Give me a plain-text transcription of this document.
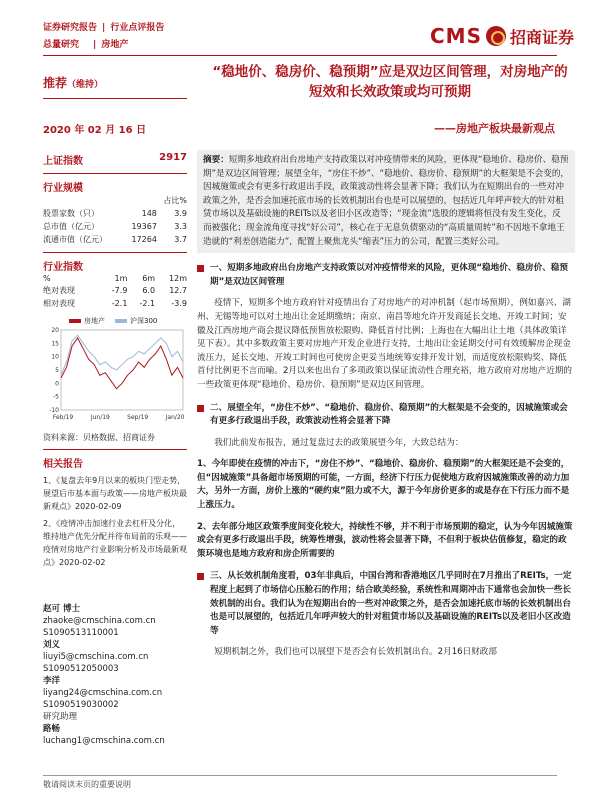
证券研究报告 | 行业点评报告
总量研究 | 房地产	CMS 招商证券
推荐（维持）
“稳地价、稳房价、稳预期”应是双边区间管理，对房地产的短效和长效政策或均可预期
2020 年 02 月 16 日	——房地产板块最新观点
上证指数	2917
行业规模
		占比%
股票家数（只）	148	3.9
总市值（亿元）	19367	3.3
流通市值（亿元）	17264	3.7
行业指数
%	1m	6m	12m
绝对表现	-7.9	6.0	12.7
相对表现	-2.1	-2.1	-3.9
房地产	沪深300
20
15
10
5
0
-5
-10
Feb/19	Jun/19	Sep/19	Jan/20
资料来源：贝格数据、招商证券
相关报告

1、《复盘去年9月以来的板块门型走势，展望后市基本面与政策——房地产板块最新观点》2020-02-09

2、《疫情冲击加速行业去杠杆及分化，维持地产优先分配并待布局前的乐观——疫情对房地产行业影响分析及市场最新观点》2020-02-02

赵可 博士
zhaoke@cmschina.com.cn
S1090513110001
刘义
liuyi5@cmschina.com.cn
S1090512050003
李洋
liyang24@cmschina.com.cn
S1090519030002
研究助理
路畅
luchang1@cmschina.com.cn
摘要：短期多地政府出台房地产支持政策以对冲疫情带来的风险，更体现“稳地价、稳房价、稳预期”是双边区间管理；展望全年，“房住不炒”、“稳地价、稳房价、稳预期”的大框架是不会变的，因城施策或会有更多行政退出手段，政策波动性将会显著下降；我们认为在短期出台的一些对冲政策之外，是否会加速托底市场的长效机制出台也是可以展望的，包括近几年呼声较大的针对租赁市场以及基础设施的REITs以及老旧小区改造等；“现金流”选股的逻辑将恒没有发生变化，反而被强化；现金流角度寻找“好公司”，核心在于无息负债驱动的“高质量周转”和不因地不拿地王造就的“利差创造能力”，配置上聚焦龙头“缩表”压力的公司，配置三类好公司。
一、短期多地政府出台房地产支持政策以对冲疫情带来的风险，更体现“稳地价、稳房价、稳预期”是双边区间管理
疫情下，短期多个地方政府针对疫情出台了对房地产的对冲机制（起市场预期），例如嘉兴、湖州、无锡等地可以对土地出让金延期缴纳；南京、南昌等地允许开发商延长交地、开竣工时间；安徽及江西房地产商会提议降低预售放松限购、降低首付比例；上海也在大幅出让土地（具体政策详见下表）。其中多数政策主要对房地产开发企业进行支持，土地出让金延期交付可有效缓解房企现金流压力，延长交地、开竣工时间也可使房企更妥当地统筹安排开发计划，而适度放松限购奖、降低首付比例更不言而喻。2月以来也出台了多项政策以保证流动性合理充裕，地方政府对房地产近期的一些政策更体现“稳地价、稳房价、稳预期”是双边区间管理。
二、展望全年，“房住不炒”、“稳地价、稳房价、稳预期”的大框架是不会变的，因城施策或会有更多行政退出手段，政策波动性将会显著下降
我们此前发布报告，通过复盘过去的政策展望今年，大致总结为：
1、今年即使在疫情的冲击下，“房住不炒”、“稳地价、稳房价、稳预期”的大框架还是不会变的，但“因城施策”具备超市场预期的可能，一方面，经济下行压力促使地方政府因城施策改善的动力加大，另外一方面，房价上涨的“硬约束”阻力或不大，源于今年房价更多的或是存在下行压力而不是上涨压力。
2、去年部分地区政策季度间变化较大，持续性不够，并不利于市场预期的稳定，认为今年因城施策或会有更多行政退出手段，统筹性增强，波动性将会显著下降，不但利于板块估值修复，稳定的政策环境也是地方政府和房企所需要的
三、从长效机制角度看，03年非典后，中国台湾和香港地区几乎同时在7月推出了REITs，一定程度上起到了市场信心压舱石的作用；结合欧美经验，系统性和周期冲击下通常也会加快一些长效机制的出台。我们认为在短期出台的一些对冲政策之外，是否会加速托底市场的长效机制出台也是可以展望的，包括近几年呼声较大的针对租赁市场以及基础设施的REITs以及老旧小区改造等
短期机制之外，我们也可以展望下是否会有长效机制出台。2月16日财政部
敬请阅读末页的重要说明
